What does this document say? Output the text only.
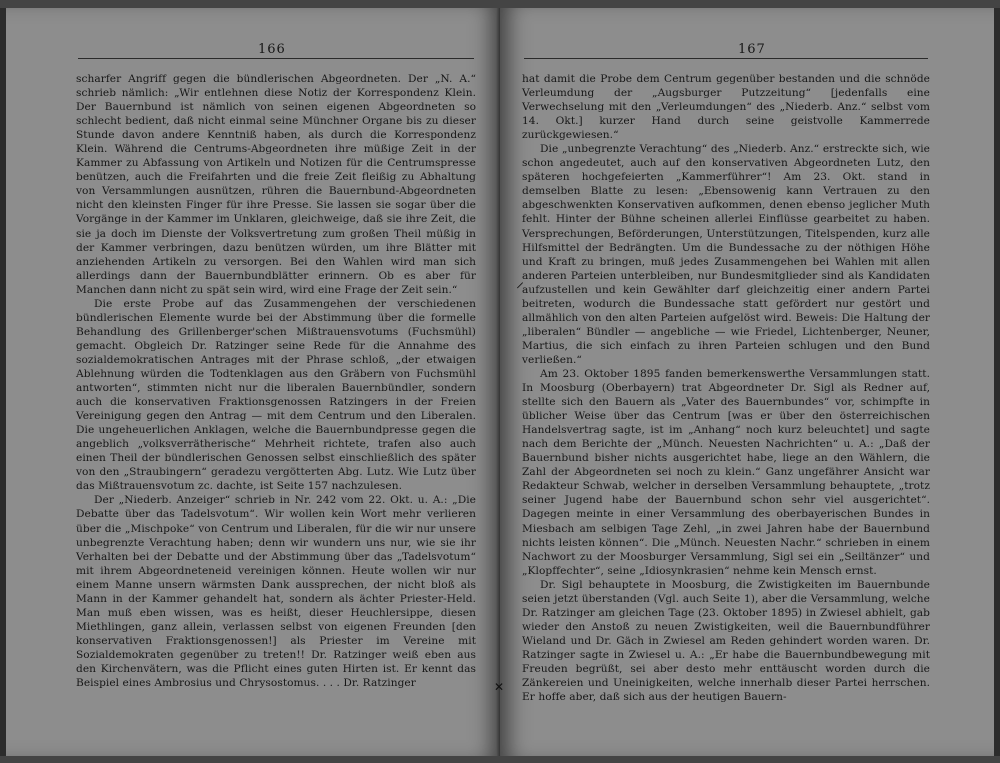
166

scharfer Angriff gegen die bündlerischen Abgeordneten. Der „N. A.“ schrieb nämlich: „Wir entlehnen diese Notiz der Korrespondenz Klein. Der Bauernbund ist nämlich von seinen eigenen Abgeordneten so schlecht bedient, daß nicht einmal seine Münchner Organe bis zu dieser Stunde davon andere Kenntniß haben, als durch die Korrespondenz Klein. Während die Centrums-Abgeordneten ihre müßige Zeit in der Kammer zu Abfassung von Artikeln und Notizen für die Centrumspresse benützen, auch die Freifahrten und die freie Zeit fleißig zu Abhaltung von Versammlungen ausnützen, rühren die Bauernbund-Abgeordneten nicht den kleinsten Finger für ihre Presse. Sie lassen sie sogar über die Vorgänge in der Kammer im Unklaren, gleichweige, daß sie ihre Zeit, die sie ja doch im Dienste der Volksvertretung zum großen Theil müßig in der Kammer verbringen, dazu benützen würden, um ihre Blätter mit anziehenden Artikeln zu versorgen. Bei den Wahlen wird man sich allerdings dann der Bauernbundblätter erinnern. Ob es aber für Manchen dann nicht zu spät sein wird, wird eine Frage der Zeit sein.“

Die erste Probe auf das Zusammengehen der verschiedenen bündlerischen Elemente wurde bei der Abstimmung über die formelle Behandlung des Grillenberger'schen Mißtrauensvotums (Fuchsmühl) gemacht. Obgleich Dr. Ratzinger seine Rede für die Annahme des sozialdemokratischen Antrages mit der Phrase schloß, „der etwaigen Ablehnung würden die Todtenklagen aus den Gräbern von Fuchsmühl antworten“, stimmten nicht nur die liberalen Bauernbündler, sondern auch die konservativen Fraktionsgenossen Ratzingers in der Freien Vereinigung gegen den Antrag — mit dem Centrum und den Liberalen. Die ungeheuerlichen Anklagen, welche die Bauernbundpresse gegen die angeblich „volksverrätherische“ Mehrheit richtete, trafen also auch einen Theil der bündlerischen Genossen selbst einschließlich des später von den „Straubingern“ geradezu vergötterten Abg. Lutz. Wie Lutz über das Mißtrauensvotum zc. dachte, ist Seite 157 nachzulesen.

Der „Niederb. Anzeiger“ schrieb in Nr. 242 vom 22. Okt. u. A.: „Die Debatte über das Tadelsvotum“. Wir wollen kein Wort mehr verlieren über die „Mischpoke“ von Centrum und Liberalen, für die wir nur unsere unbegrenzte Verachtung haben; denn wir wundern uns nur, wie sie ihr Verhalten bei der Debatte und der Abstimmung über das „Tadelsvotum“ mit ihrem Abgeordneteneid vereinigen können. Heute wollen wir nur einem Manne unsern wärmsten Dank aussprechen, der nicht bloß als Mann in der Kammer gehandelt hat, sondern als ächter Priester-Held. Man muß eben wissen, was es heißt, dieser Heuchlersippe, diesen Miethlingen, ganz allein, verlassen selbst von eigenen Freunden [den konservativen Fraktionsgenossen!] als Priester im Vereine mit Sozialdemokraten gegenüber zu treten!! Dr. Ratzinger weiß eben aus den Kirchenvätern, was die Pflicht eines guten Hirten ist. Er kennt das Beispiel eines Ambrosius und Chrysostomus. . . . Dr. Ratzinger

167

hat damit die Probe dem Centrum gegenüber bestanden und die schnöde Verleumdung der „Augsburger Putzzeitung“ [jedenfalls eine Verwechselung mit den „Verleumdungen“ des „Niederb. Anz.“ selbst vom 14. Okt.] kurzer Hand durch seine geistvolle Kammerrede zurückgewiesen.“

Die „unbegrenzte Verachtung“ des „Niederb. Anz.“ erstreckte sich, wie schon angedeutet, auch auf den konservativen Abgeordneten Lutz, den späteren hochgefeierten „Kammerführer“! Am 23. Okt. stand in demselben Blatte zu lesen: „Ebensowenig kann Vertrauen zu den abgeschwenkten Konservativen aufkommen, denen ebenso jeglicher Muth fehlt. Hinter der Bühne scheinen allerlei Einflüsse gearbeitet zu haben. Versprechungen, Beförderungen, Unterstützungen, Titelspenden, kurz alle Hilfsmittel der Bedrängten. Um die Bundessache zu der nöthigen Höhe und Kraft zu bringen, muß jedes Zusammengehen bei Wahlen mit allen anderen Parteien unterbleiben, nur Bundesmitglieder sind als Kandidaten aufzustellen und kein Gewählter darf gleichzeitig einer andern Partei beitreten, wodurch die Bundessache statt gefördert nur gestört und allmählich von den alten Parteien aufgelöst wird. Beweis: Die Haltung der „liberalen“ Bündler — angebliche — wie Friedel, Lichtenberger, Neuner, Martius, die sich einfach zu ihren Parteien schlugen und den Bund verließen.“

Am 23. Oktober 1895 fanden bemerkenswerthe Versammlungen statt. In Moosburg (Oberbayern) trat Abgeordneter Dr. Sigl als Redner auf, stellte sich den Bauern als „Vater des Bauernbundes“ vor, schimpfte in üblicher Weise über das Centrum [was er über den österreichischen Handelsvertrag sagte, ist im „Anhang“ noch kurz beleuchtet] und sagte nach dem Berichte der „Münch. Neuesten Nachrichten“ u. A.: „Daß der Bauernbund bisher nichts ausgerichtet habe, liege an den Wählern, die Zahl der Abgeordneten sei noch zu klein.“ Ganz ungefährer Ansicht war Redakteur Schwab, welcher in derselben Versammlung behauptete, „trotz seiner Jugend habe der Bauernbund schon sehr viel ausgerichtet“. Dagegen meinte in einer Versammlung des oberbayerischen Bundes in Miesbach am selbigen Tage Zehl, „in zwei Jahren habe der Bauernbund nichts leisten können“. Die „Münch. Neuesten Nachr.“ schrieben in einem Nachwort zu der Moosburger Versammlung, Sigl sei ein „Seiltänzer“ und „Klopffechter“, seine „Idiosynkrasien“ nehme kein Mensch ernst.

Dr. Sigl behauptete in Moosburg, die Zwistigkeiten im Bauernbunde seien jetzt überstanden (Vgl. auch Seite 1), aber die Versammlung, welche Dr. Ratzinger am gleichen Tage (23. Oktober 1895) in Zwiesel abhielt, gab wieder den Anstoß zu neuen Zwistigkeiten, weil die Bauernbundführer Wieland und Dr. Gäch in Zwiesel am Reden gehindert worden waren. Dr. Ratzinger sagte in Zwiesel u. A.: „Er habe die Bauernbundbewegung mit Freuden begrüßt, sei aber desto mehr enttäuscht worden durch die Zänkereien und Uneinigkeiten, welche innerhalb dieser Partei herrschen. Er hoffe aber, daß sich aus der heutigen Bauern-

⸝
✕
